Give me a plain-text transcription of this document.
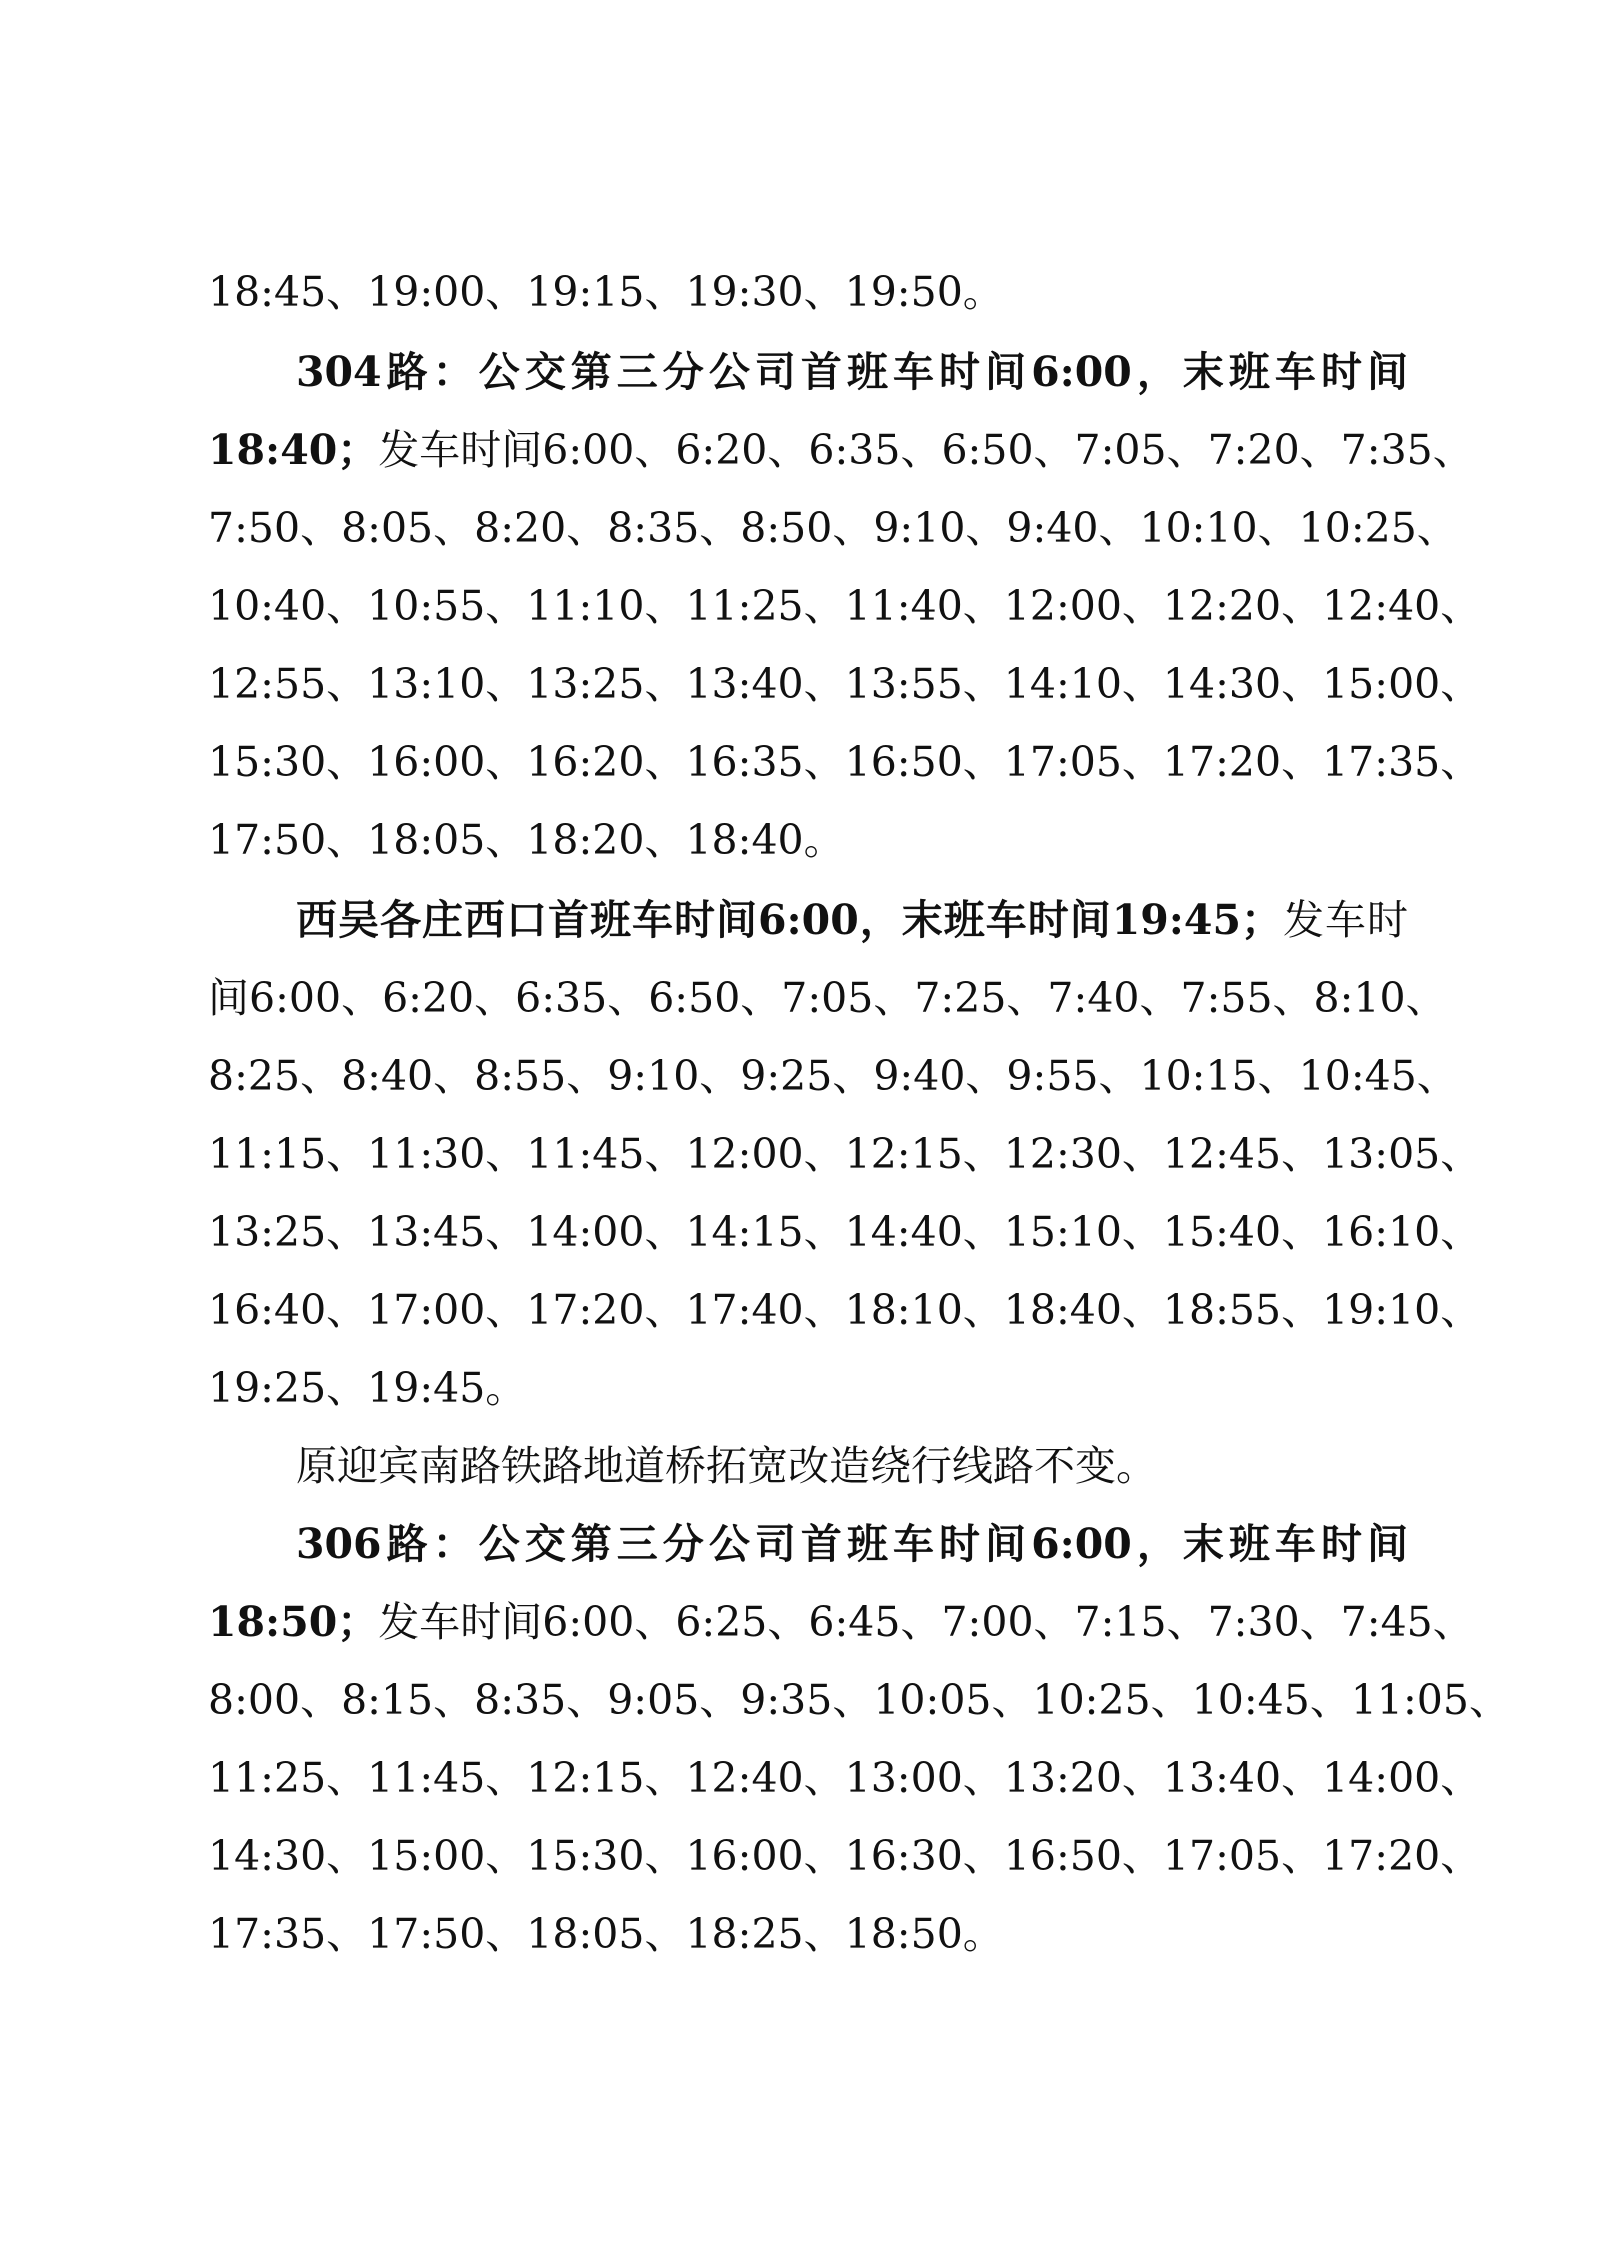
18:45、19:00、19:15、19:30、19:50。
304路：公交第三分公司首班车时间6:00，末班车时间
18:40；发车时间6:00、6:20、6:35、6:50、7:05、7:20、7:35、
7:50、8:05、8:20、8:35、8:50、9:10、9:40、10:10、10:25、
10:40、10:55、11:10、11:25、11:40、12:00、12:20、12:40、
12:55、13:10、13:25、13:40、13:55、14:10、14:30、15:00、
15:30、16:00、16:20、16:35、16:50、17:05、17:20、17:35、
17:50、18:05、18:20、18:40。
西吴各庄西口首班车时间6:00，末班车时间19:45；发车时
间6:00、6:20、6:35、6:50、7:05、7:25、7:40、7:55、8:10、
8:25、8:40、8:55、9:10、9:25、9:40、9:55、10:15、10:45、
11:15、11:30、11:45、12:00、12:15、12:30、12:45、13:05、
13:25、13:45、14:00、14:15、14:40、15:10、15:40、16:10、
16:40、17:00、17:20、17:40、18:10、18:40、18:55、19:10、
19:25、19:45。
原迎宾南路铁路地道桥拓宽改造绕行线路不变。
306路：公交第三分公司首班车时间6:00，末班车时间
18:50；发车时间6:00、6:25、6:45、7:00、7:15、7:30、7:45、
8:00、8:15、8:35、9:05、9:35、10:05、10:25、10:45、11:05、
11:25、11:45、12:15、12:40、13:00、13:20、13:40、14:00、
14:30、15:00、15:30、16:00、16:30、16:50、17:05、17:20、
17:35、17:50、18:05、18:25、18:50。
